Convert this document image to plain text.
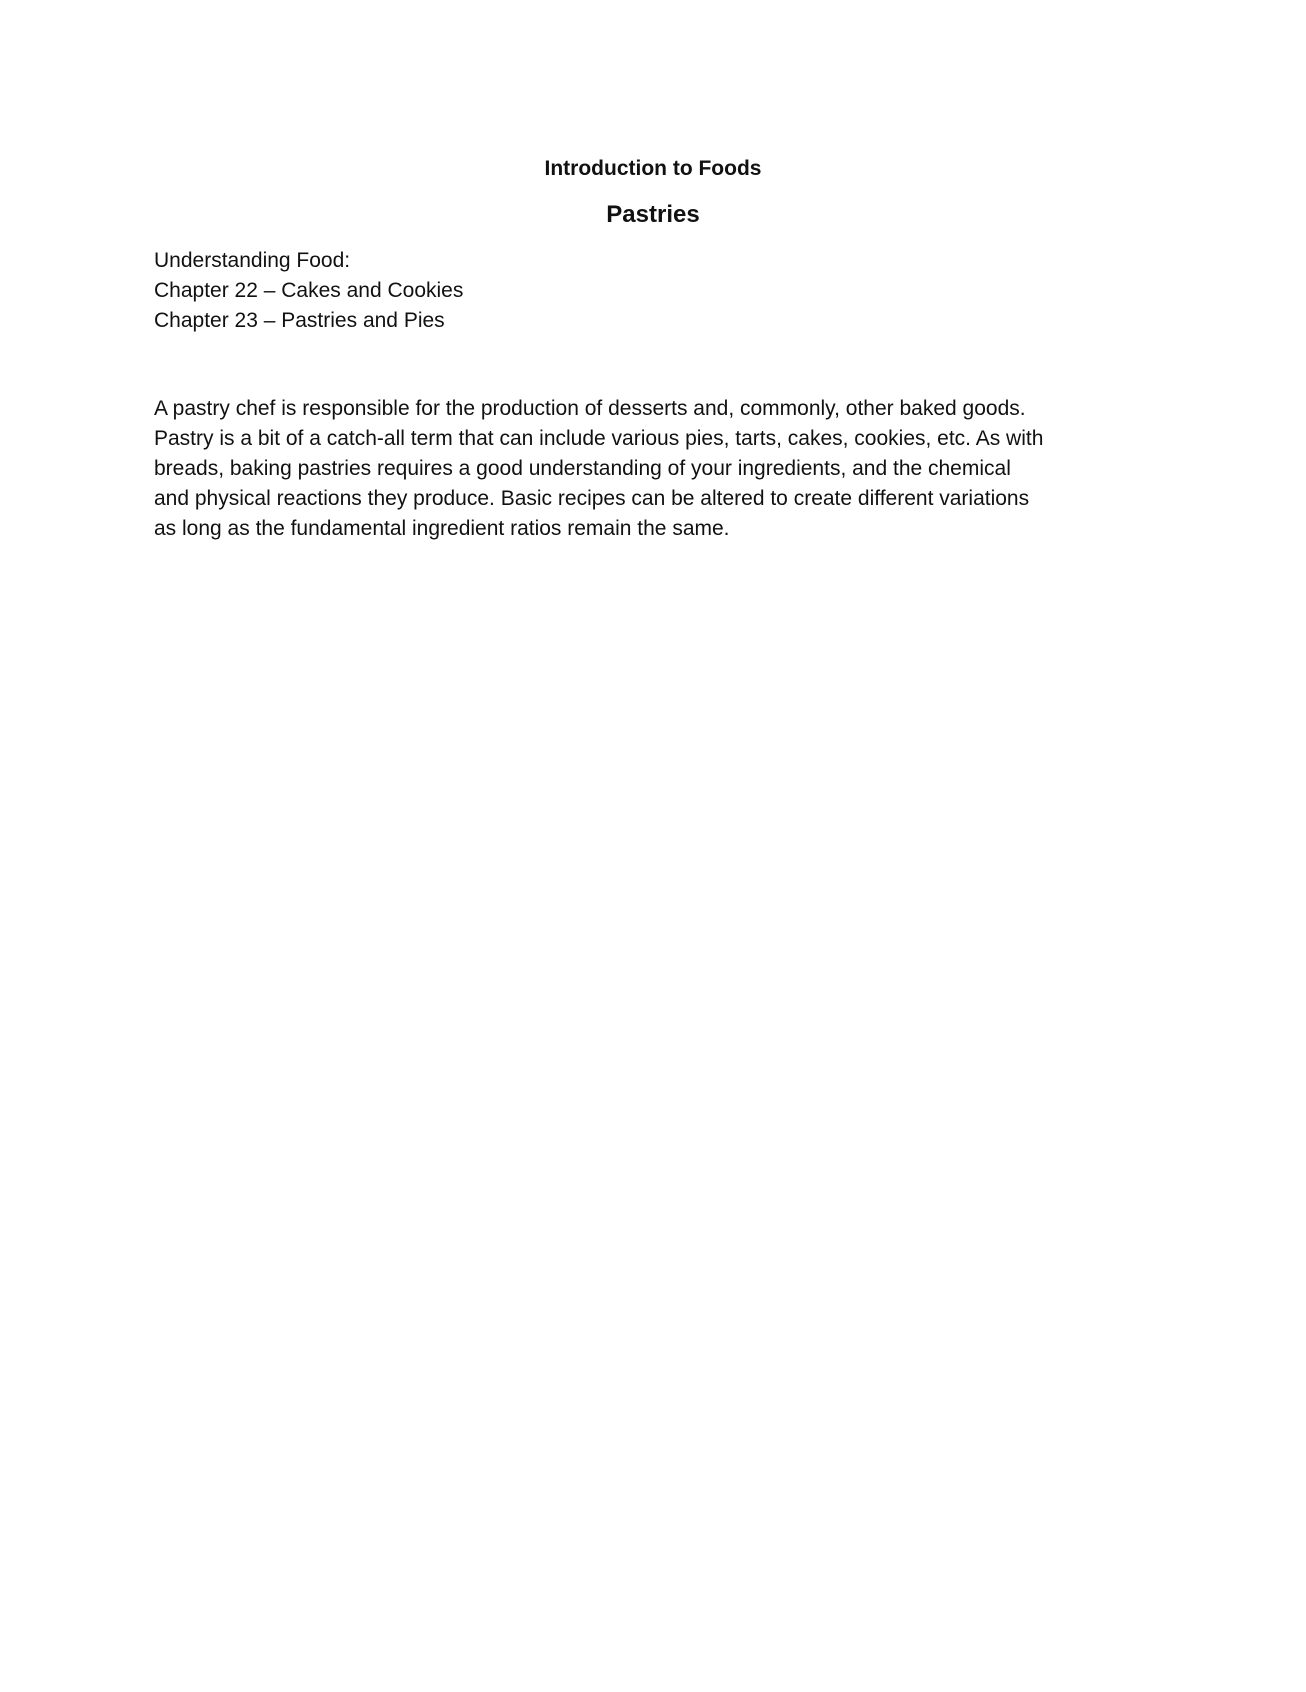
Introduction to Foods
Pastries
Understanding Food:
Chapter 22 – Cakes and Cookies
Chapter 23 – Pastries and Pies
A pastry chef is responsible for the production of desserts and, commonly, other baked goods.
Pastry is a bit of a catch-all term that can include various pies, tarts, cakes, cookies, etc. As with
breads, baking pastries requires a good understanding of your ingredients, and the chemical
and physical reactions they produce. Basic recipes can be altered to create different variations
as long as the fundamental ingredient ratios remain the same.
